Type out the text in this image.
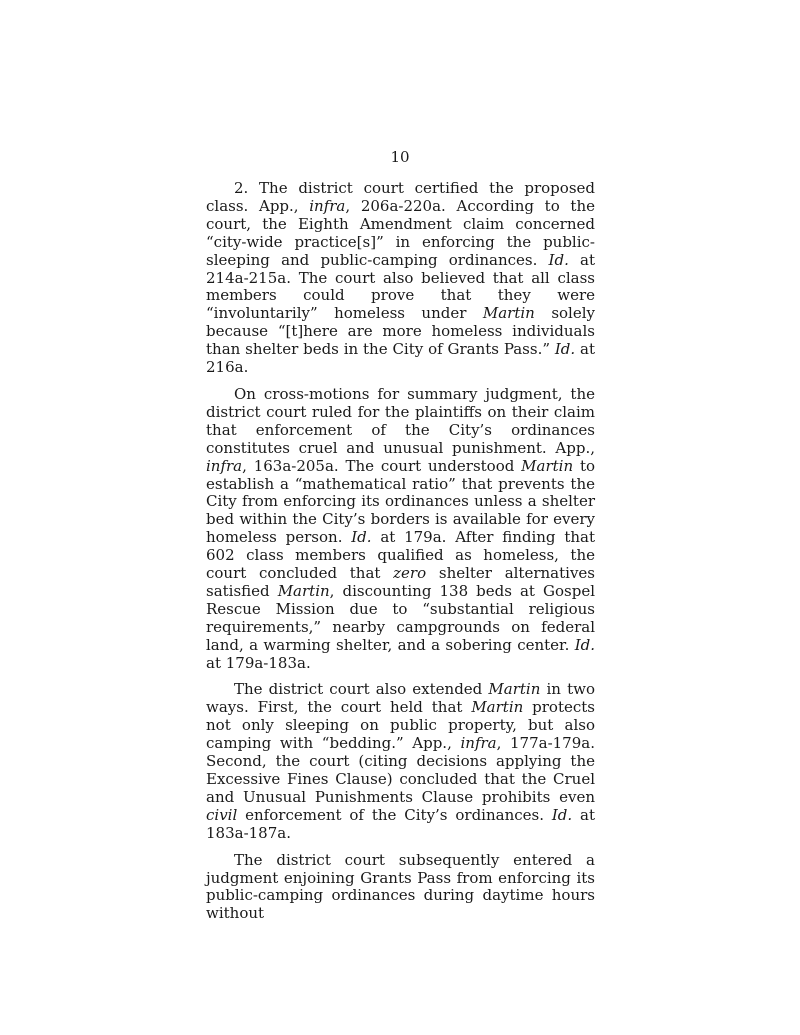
10

2. The district court certified the proposed class. App., infra, 206a-220a. According to the court, the Eighth Amendment claim concerned “city-wide practice[s]” in enforcing the public-sleeping and public-camping ordinances. Id. at 214a-215a. The court also believed that all class members could prove that they were “involuntarily” homeless under Martin solely because “[t]here are more homeless individuals than shelter beds in the City of Grants Pass.” Id. at 216a.

On cross-motions for summary judgment, the district court ruled for the plaintiffs on their claim that enforcement of the City’s ordinances constitutes cruel and unusual punishment. App., infra, 163a-205a. The court understood Martin to establish a “mathematical ratio” that prevents the City from enforcing its ordinances unless a shelter bed within the City’s borders is available for every homeless person. Id. at 179a. After finding that 602 class members qualified as homeless, the court concluded that zero shelter alternatives satisfied Martin, discounting 138 beds at Gospel Rescue Mission due to “substantial religious requirements,” nearby campgrounds on federal land, a warming shelter, and a sobering center. Id. at 179a-183a.

The district court also extended Martin in two ways. First, the court held that Martin protects not only sleeping on public property, but also camping with “bedding.” App., infra, 177a-179a. Second, the court (citing decisions applying the Excessive Fines Clause) concluded that the Cruel and Unusual Punishments Clause prohibits even civil enforcement of the City’s ordinances. Id. at 183a-187a.

The district court subsequently entered a judgment enjoining Grants Pass from enforcing its public-camping ordinances during daytime hours without
